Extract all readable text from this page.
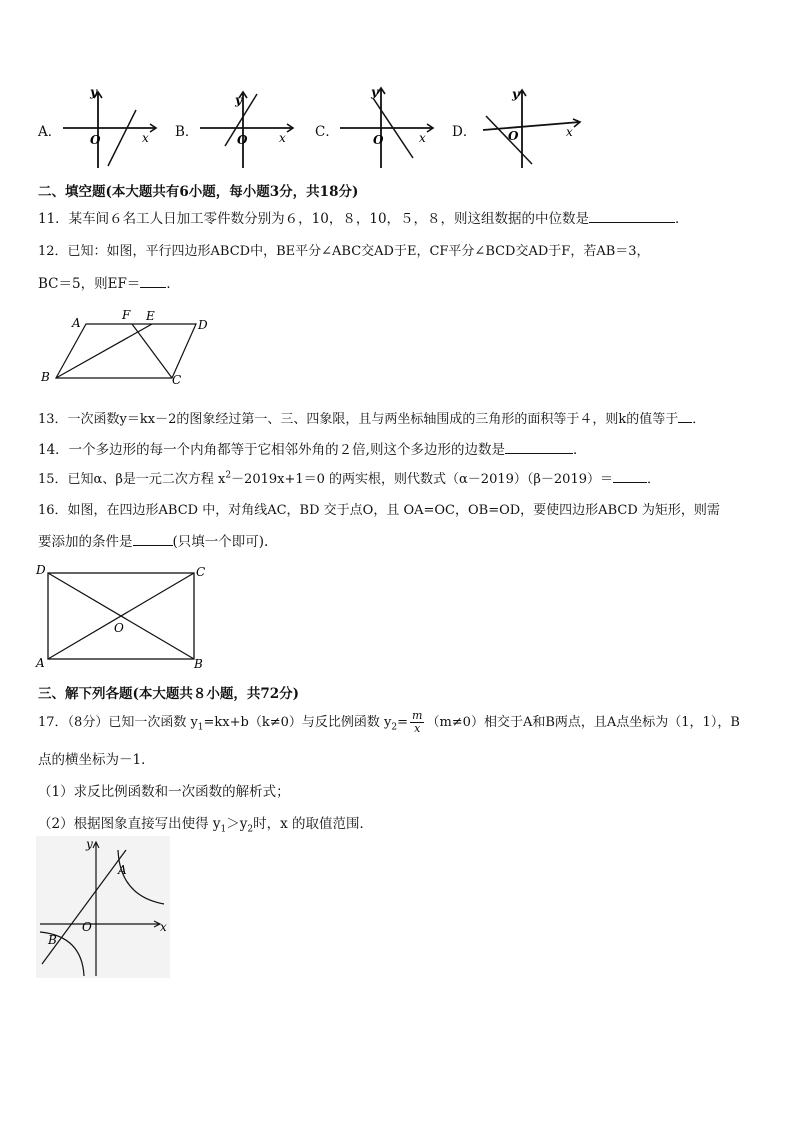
A．
y
O	x B．
y
O	x C．
y
O	x D．
y
O	x
二、填空题(本大题共有6小题，每小题3分，共18分)
11．某车间６名工人日加工零件数分别为６，10，８，10，５，８，则这组数据的中位数是	．
12．已知：如图，平行四边形ABCD中，BE平分∠ABC交AD于E，CF平分∠BCD交AD于F，若AB＝3，
BC＝5，则EF＝ ．
A
F E
D
B	C
13．一次函数y＝kx－2的图象经过第一、三、四象限，且与两坐标轴围成的三角形的面积等于４，则k的值等于 ．
14．一个多边形的每一个内角都等于它相邻外角的２倍,则这个多边形的边数是	．
15．已知α、β是一元二次方程 $x^2-2019x+1=0$ 的两实根，则代数式（α－2019）（β－2019）＝	．
16．如图，在四边形ABCD 中，对角线AC，BD 交于点O，且 OA=OC，OB=OD，要使四边形ABCD 为矩形，则需
要添加的条件是	(只填一个即可).
D	C
O
A	B
三、解下列各题(本大题共８小题，共72分)
17．（8分）已知一次函数 $y_1=kx+b(k\ne 0)$与反比例函数 $y_2= \frac{m}{x} (m\ne 0)$相交于A和B两点，且A点坐标为（1，1），B
点的横坐标为－1．
（1）求反比例函数和一次函数的解析式；
（2）根据图象直接写出使得 $y_1>y_2$时，x 的取值范围．
y
A
O	x
B
